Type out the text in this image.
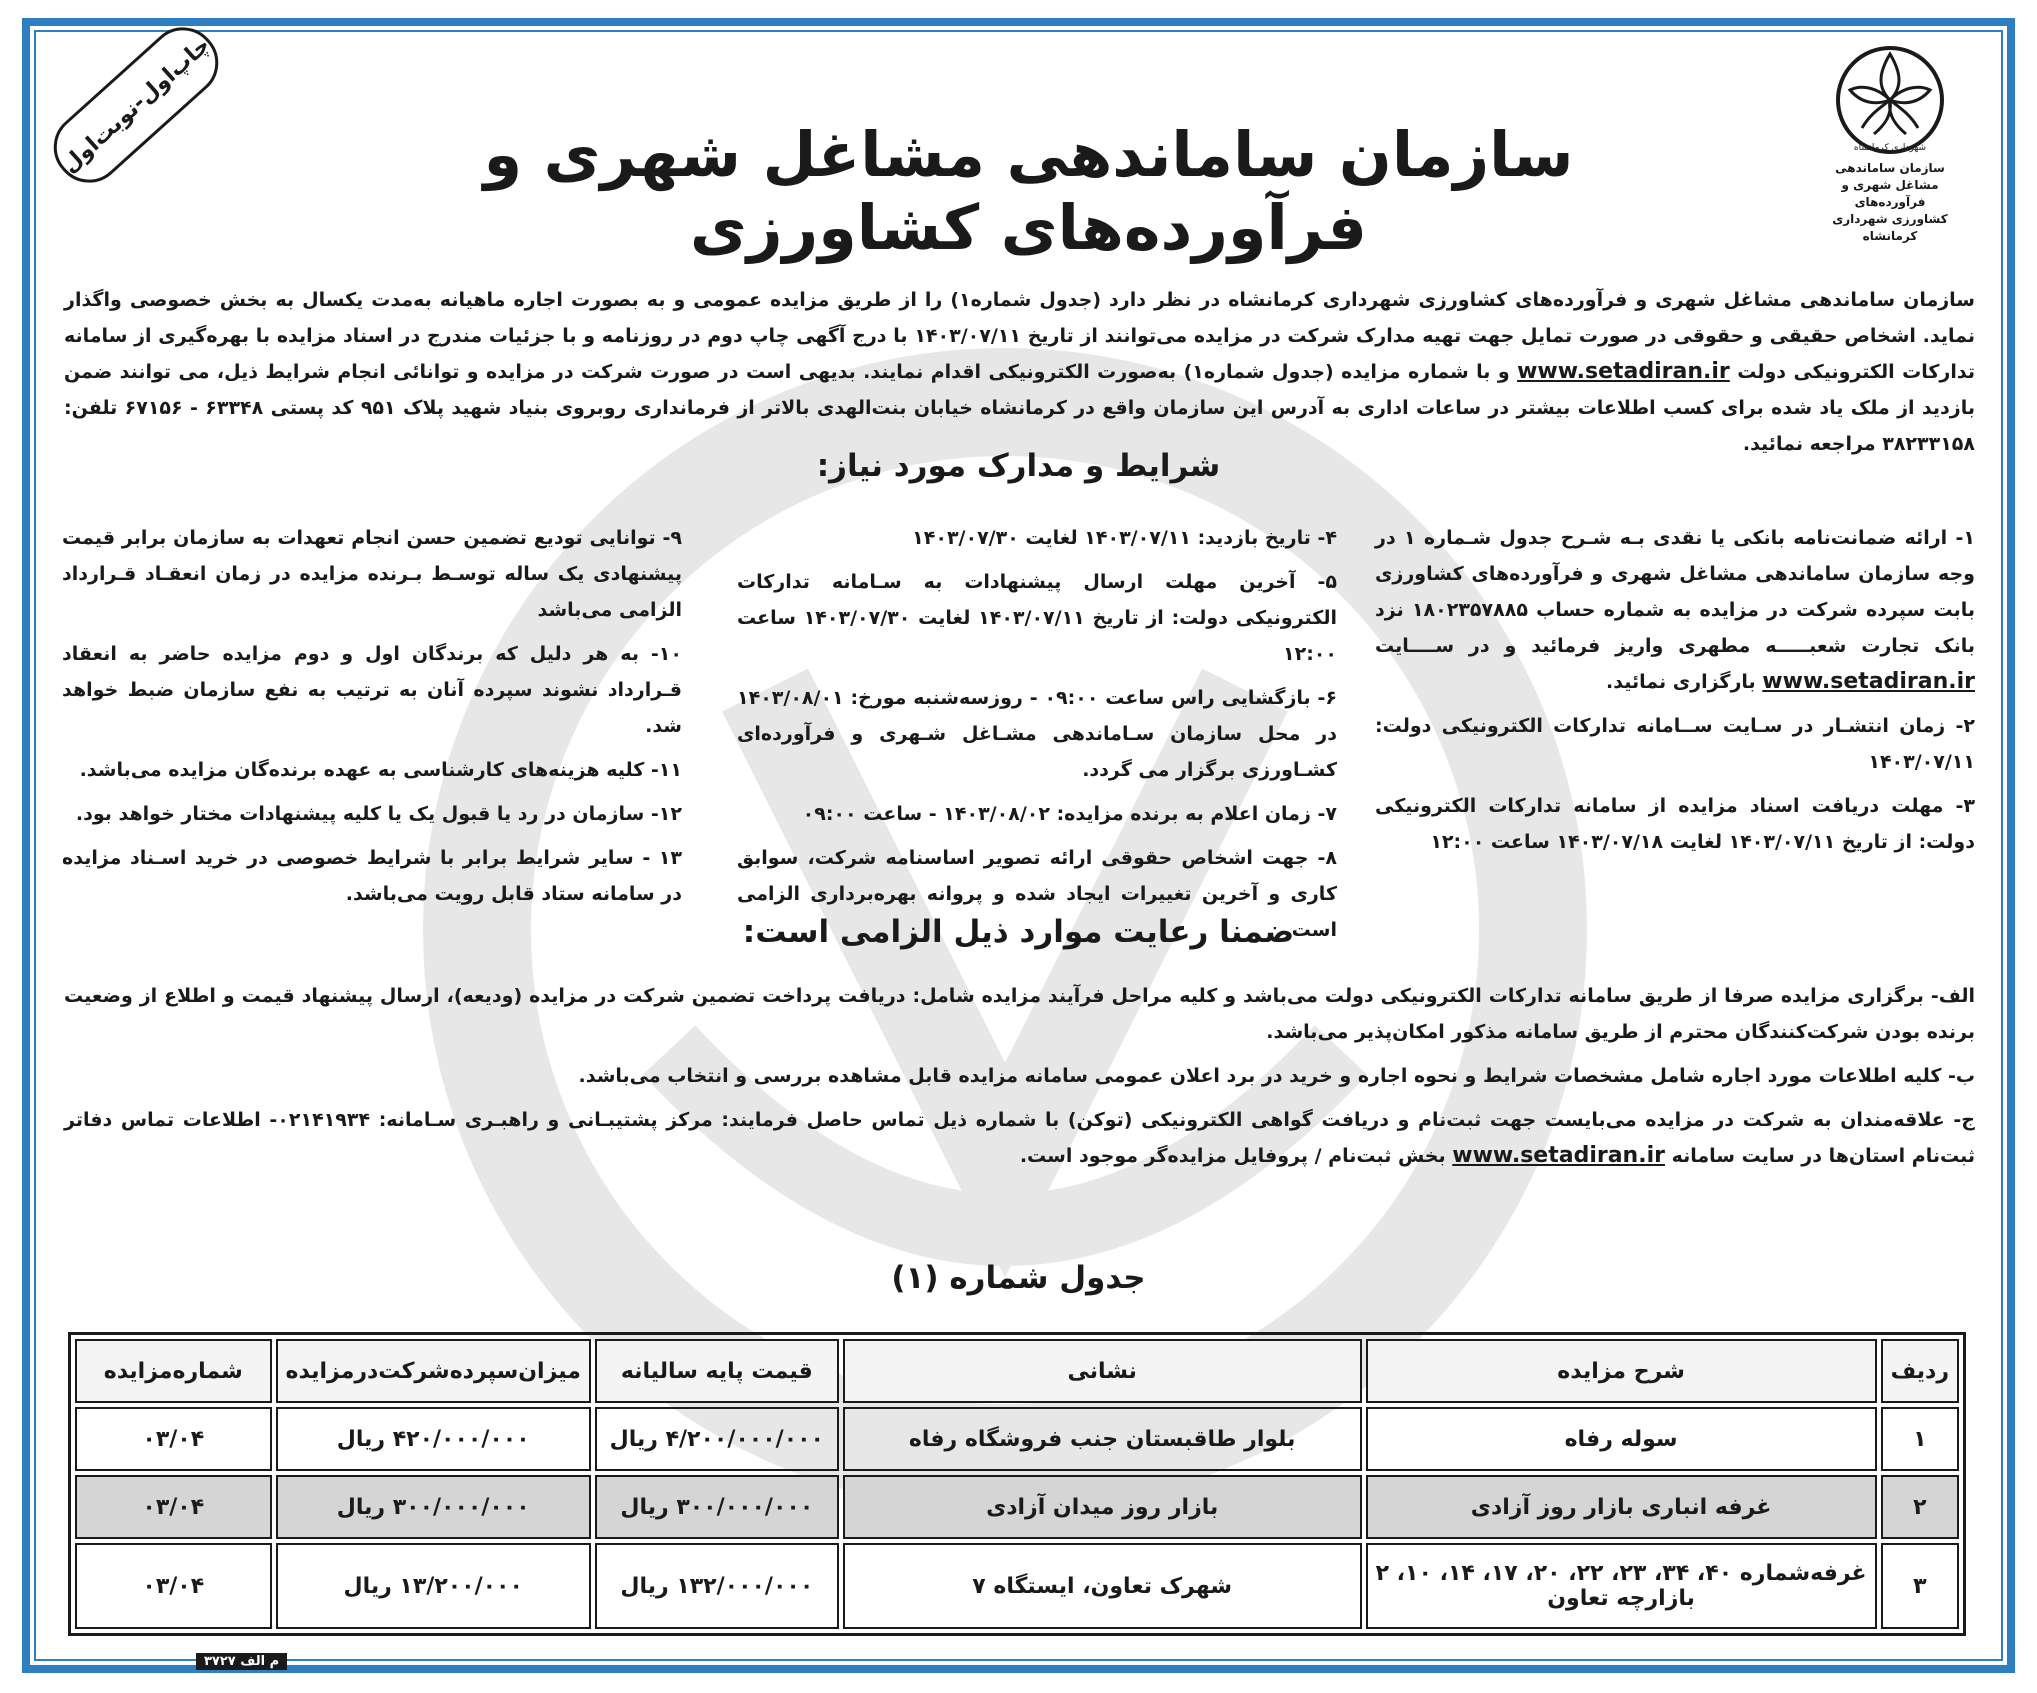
شهرداری کرمانشاه
سازمان ساماندهی
مشاغل شهری و فرآورده‌های
کشاورزی شهرداری کرمانشاه
چاپ‌اول-نوبت‌اول	سازمان ساماندهی مشاغل شهری و فرآورده‌های کشاورزی
سازمان ساماندهی مشاغل شهری و فرآورده‌های کشاورزی شهرداری کرمانشاه در نظر دارد (جدول شماره۱) را از طریق مزایده عمومی و به بصورت اجاره ماهیانه به‌مدت یکسال به بخش خصوصی واگذار نماید. اشخاص حقیقی و حقوقی در صورت تمایل جهت تهیه مدارک شرکت در مزایده می‌توانند از تاریخ ۱۴۰۳/۰۷/۱۱ با درج آگهی چاپ دوم در روزنامه و با جزئیات مندرج در اسناد مزایده با بهره‌گیری از سامانه تدارکات الکترونیکی دولت www.setadiran.ir و با شماره مزایده (جدول شماره۱) به‌صورت الکترونیکی اقدام نمایند. بدیهی است در صورت شرکت در مزایده و توانائی انجام شرایط ذیل، می توانند ضمن بازدید از ملک یاد شده برای کسب اطلاعات بیشتر در ساعات اداری به آدرس این سازمان واقع در کرمانشاه خیابان بنت‌الهدی بالاتر از فرمانداری روبروی بنیاد شهید پلاک ۹۵۱ کد پستی ۶۳۳۴۸ - ۶۷۱۵۶ تلفن: ۳۸۲۳۳۱۵۸ مراجعه نمائید.
شرایط و مدارک مورد نیاز:

۱- ارائه ضمانت‌نامه بانکی یا نقدی بـه شـرح جدول شـماره ۱ در وجه سازمان ساماندهی مشاغل شهری و فرآورده‌های کشاورزی بابت سپرده شرکت در مزایده به شماره حساب ۱۸۰۲۳۵۷۸۸۵ نزد بانک تجارت شعبـــــه مطهری واریز فرمائید و در ســــایت www.setadiran.ir بارگزاری نمائید.

۲- زمان انتشـار در سـایت ســامانه تدارکات الکترونیکی دولت: ۱۴۰۳/۰۷/۱۱

۳- مهلت دریافت اسناد مزایده از سامانه تدارکات الکترونیکی دولت: از تاریخ ۱۴۰۳/۰۷/۱۱ لغایت ۱۴۰۳/۰۷/۱۸ ساعت ۱۲:۰۰

۴- تاریخ بازدید: ۱۴۰۳/۰۷/۱۱ لغایت ۱۴۰۳/۰۷/۳۰

۵- آخرین مهلت ارسال پیشنهادات به سـامانه تدارکات الکترونیکی دولت: از تاریخ ۱۴۰۳/۰۷/۱۱ لغایت ۱۴۰۳/۰۷/۳۰ ساعت ۱۲:۰۰

۶- بازگشایی راس ساعت ۰۹:۰۰ - روزسه‌شنبه مورخ: ۱۴۰۳/۰۸/۰۱ در محل سازمان سـاماندهی مشـاغل شـهری و فرآورده‌ای کشـاورزی برگزار می گردد.

۷- زمان اعلام به برنده مزایده: ۱۴۰۳/۰۸/۰۲ - ساعت ۰۹:۰۰

۸- جهت اشخاص حقوقی ارائه تصویر اساسنامه شرکت، سوابق کاری و آخرین تغییرات ایجاد شده و پروانه بهره‌برداری الزامی است.

۹- توانایی تودیع تضمین حسن انجام تعهدات به سازمان برابر قیمت پیشنهادی یک ساله توسـط بـرنده مزایده در زمان انعقـاد قـرارداد الزامی می‌باشد

۱۰- به هر دلیل که برندگان اول و دوم مزایده حاضر به انعقاد قـرارداد نشوند سپرده آنان به ترتیب به نفع سازمان ضبط خواهد شد.

۱۱- کلیه هزینه‌های کارشناسی به عهده برنده‌گان مزایده می‌باشد.

۱۲- سازمان در رد یا قبول یک یا کلیه پیشنهادات مختار خواهد بود.

۱۳ - سایر شرایط برابر با شرایط خصوصی در خرید اسـناد مزایده در سامانه ستاد قابل رویت می‌باشد.

ضمنا رعایت موارد ذیل الزامی است:

الف- برگزاری مزایده صرفا از طریق سامانه تدارکات الکترونیکی دولت می‌باشد و کلیه مراحل فرآیند مزایده شامل: دریافت پرداخت تضمین شرکت در مزایده (ودیعه)، ارسال پیشنهاد قیمت و اطلاع از وضعیت برنده بودن شرکت‌کنندگان محترم از طریق سامانه مذکور امکان‌پذیر می‌باشد.

ب- کلیه اطلاعات مورد اجاره شامل مشخصات شرایط و نحوه اجاره و خرید در برد اعلان عمومی سامانه مزایده قابل مشاهده بررسی و انتخاب می‌باشد.

ج- علاقه‌مندان به شرکت در مزایده می‌بایست جهت ثبت‌نام و دریافت گواهی الکترونیکی (توکن) با شماره ذیل تماس حاصل فرمایند: مرکز پشتیبـانی و راهبـری سـامانه: ۰۲۱۴۱۹۳۴- اطلاعات تماس دفاتر ثبت‌نام استان‌ها در سایت سامانه www.setadiran.ir بخش ثبت‌نام / پروفایل مزایده‌گر موجود است.

جدول شماره (۱)
ردیف	شرح مزایده	نشانی	قیمت پایه سالیانه	میزان‌سپرده‌شرکت‌درمزایده	شماره‌مزایده
۱	سوله رفاه	بلوار طاقبستان جنب فروشگاه رفاه	۴/۲۰۰/۰۰۰/۰۰۰ ریال	۴۲۰/۰۰۰/۰۰۰ ریال	۰۳/۰۴
۲	غرفه انباری بازار روز آزادی	بازار روز میدان آزادی	۳۰۰/۰۰۰/۰۰۰ ریال	۳۰۰/۰۰۰/۰۰۰ ریال	۰۳/۰۴
۳	غرفه‌شماره ۴۰، ۳۴، ۲۳، ۲۲، ۲۰، ۱۷، ۱۴، ۱۰، ۲ بازارچه تعاون	شهرک تعاون، ایستگاه ۷	۱۳۲/۰۰۰/۰۰۰ ریال	۱۳/۲۰۰/۰۰۰ ریال	۰۳/۰۴
م الف ۳۷۲۷
